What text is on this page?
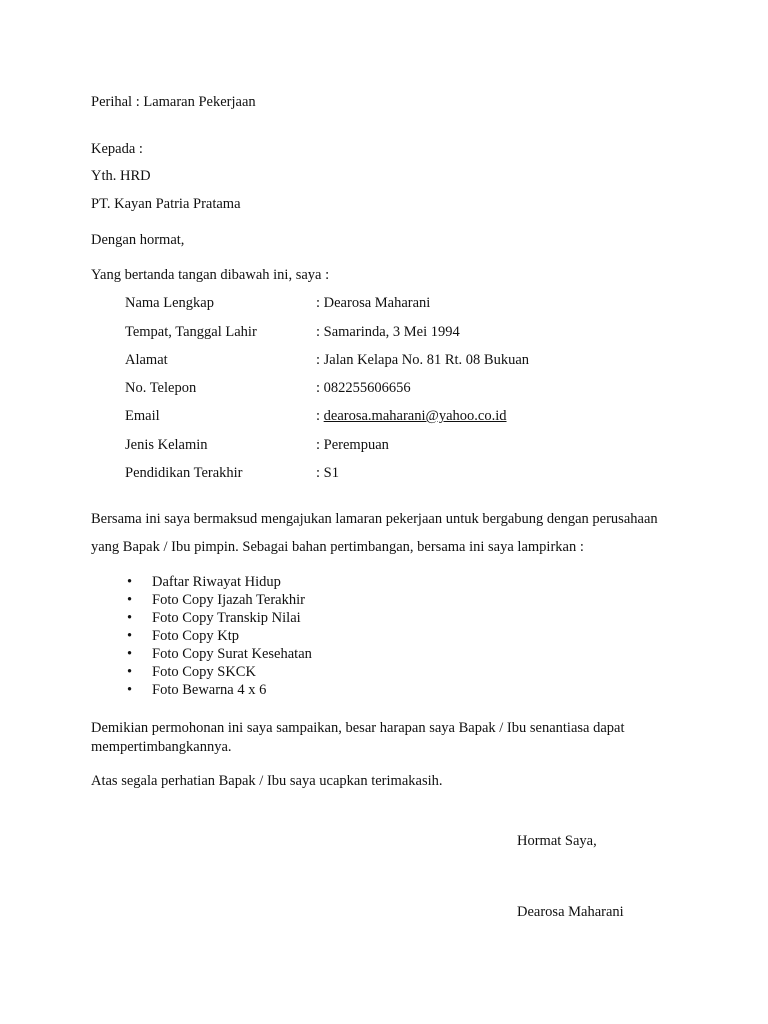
Perihal : Lamaran Pekerjaan
Kepada :
Yth. HRD
PT. Kayan Patria Pratama
Dengan hormat,
Yang bertanda tangan dibawah ini, saya :
Nama Lengkap	: Dearosa Maharani
Tempat, Tanggal Lahir	: Samarinda, 3 Mei 1994
Alamat	: Jalan Kelapa No. 81 Rt. 08 Bukuan
No. Telepon	: 082255606656
Email	: dearosa.maharani@yahoo.co.id
Jenis Kelamin	: Perempuan
Pendidikan Terakhir	: S1
Bersama ini saya bermaksud mengajukan lamaran pekerjaan untuk bergabung dengan perusahaan
yang Bapak / Ibu pimpin. Sebagai bahan pertimbangan, bersama ini saya lampirkan :
• Daftar Riwayat Hidup
• Foto Copy Ijazah Terakhir
• Foto Copy Transkip Nilai
• Foto Copy Ktp
• Foto Copy Surat Kesehatan
• Foto Copy SKCK
• Foto Bewarna 4 x 6
Demikian permohonan ini saya sampaikan, besar harapan saya Bapak / Ibu senantiasa dapat
mempertimbangkannya.
Atas segala perhatian Bapak / Ibu saya ucapkan terimakasih.
Hormat Saya,
Dearosa Maharani
